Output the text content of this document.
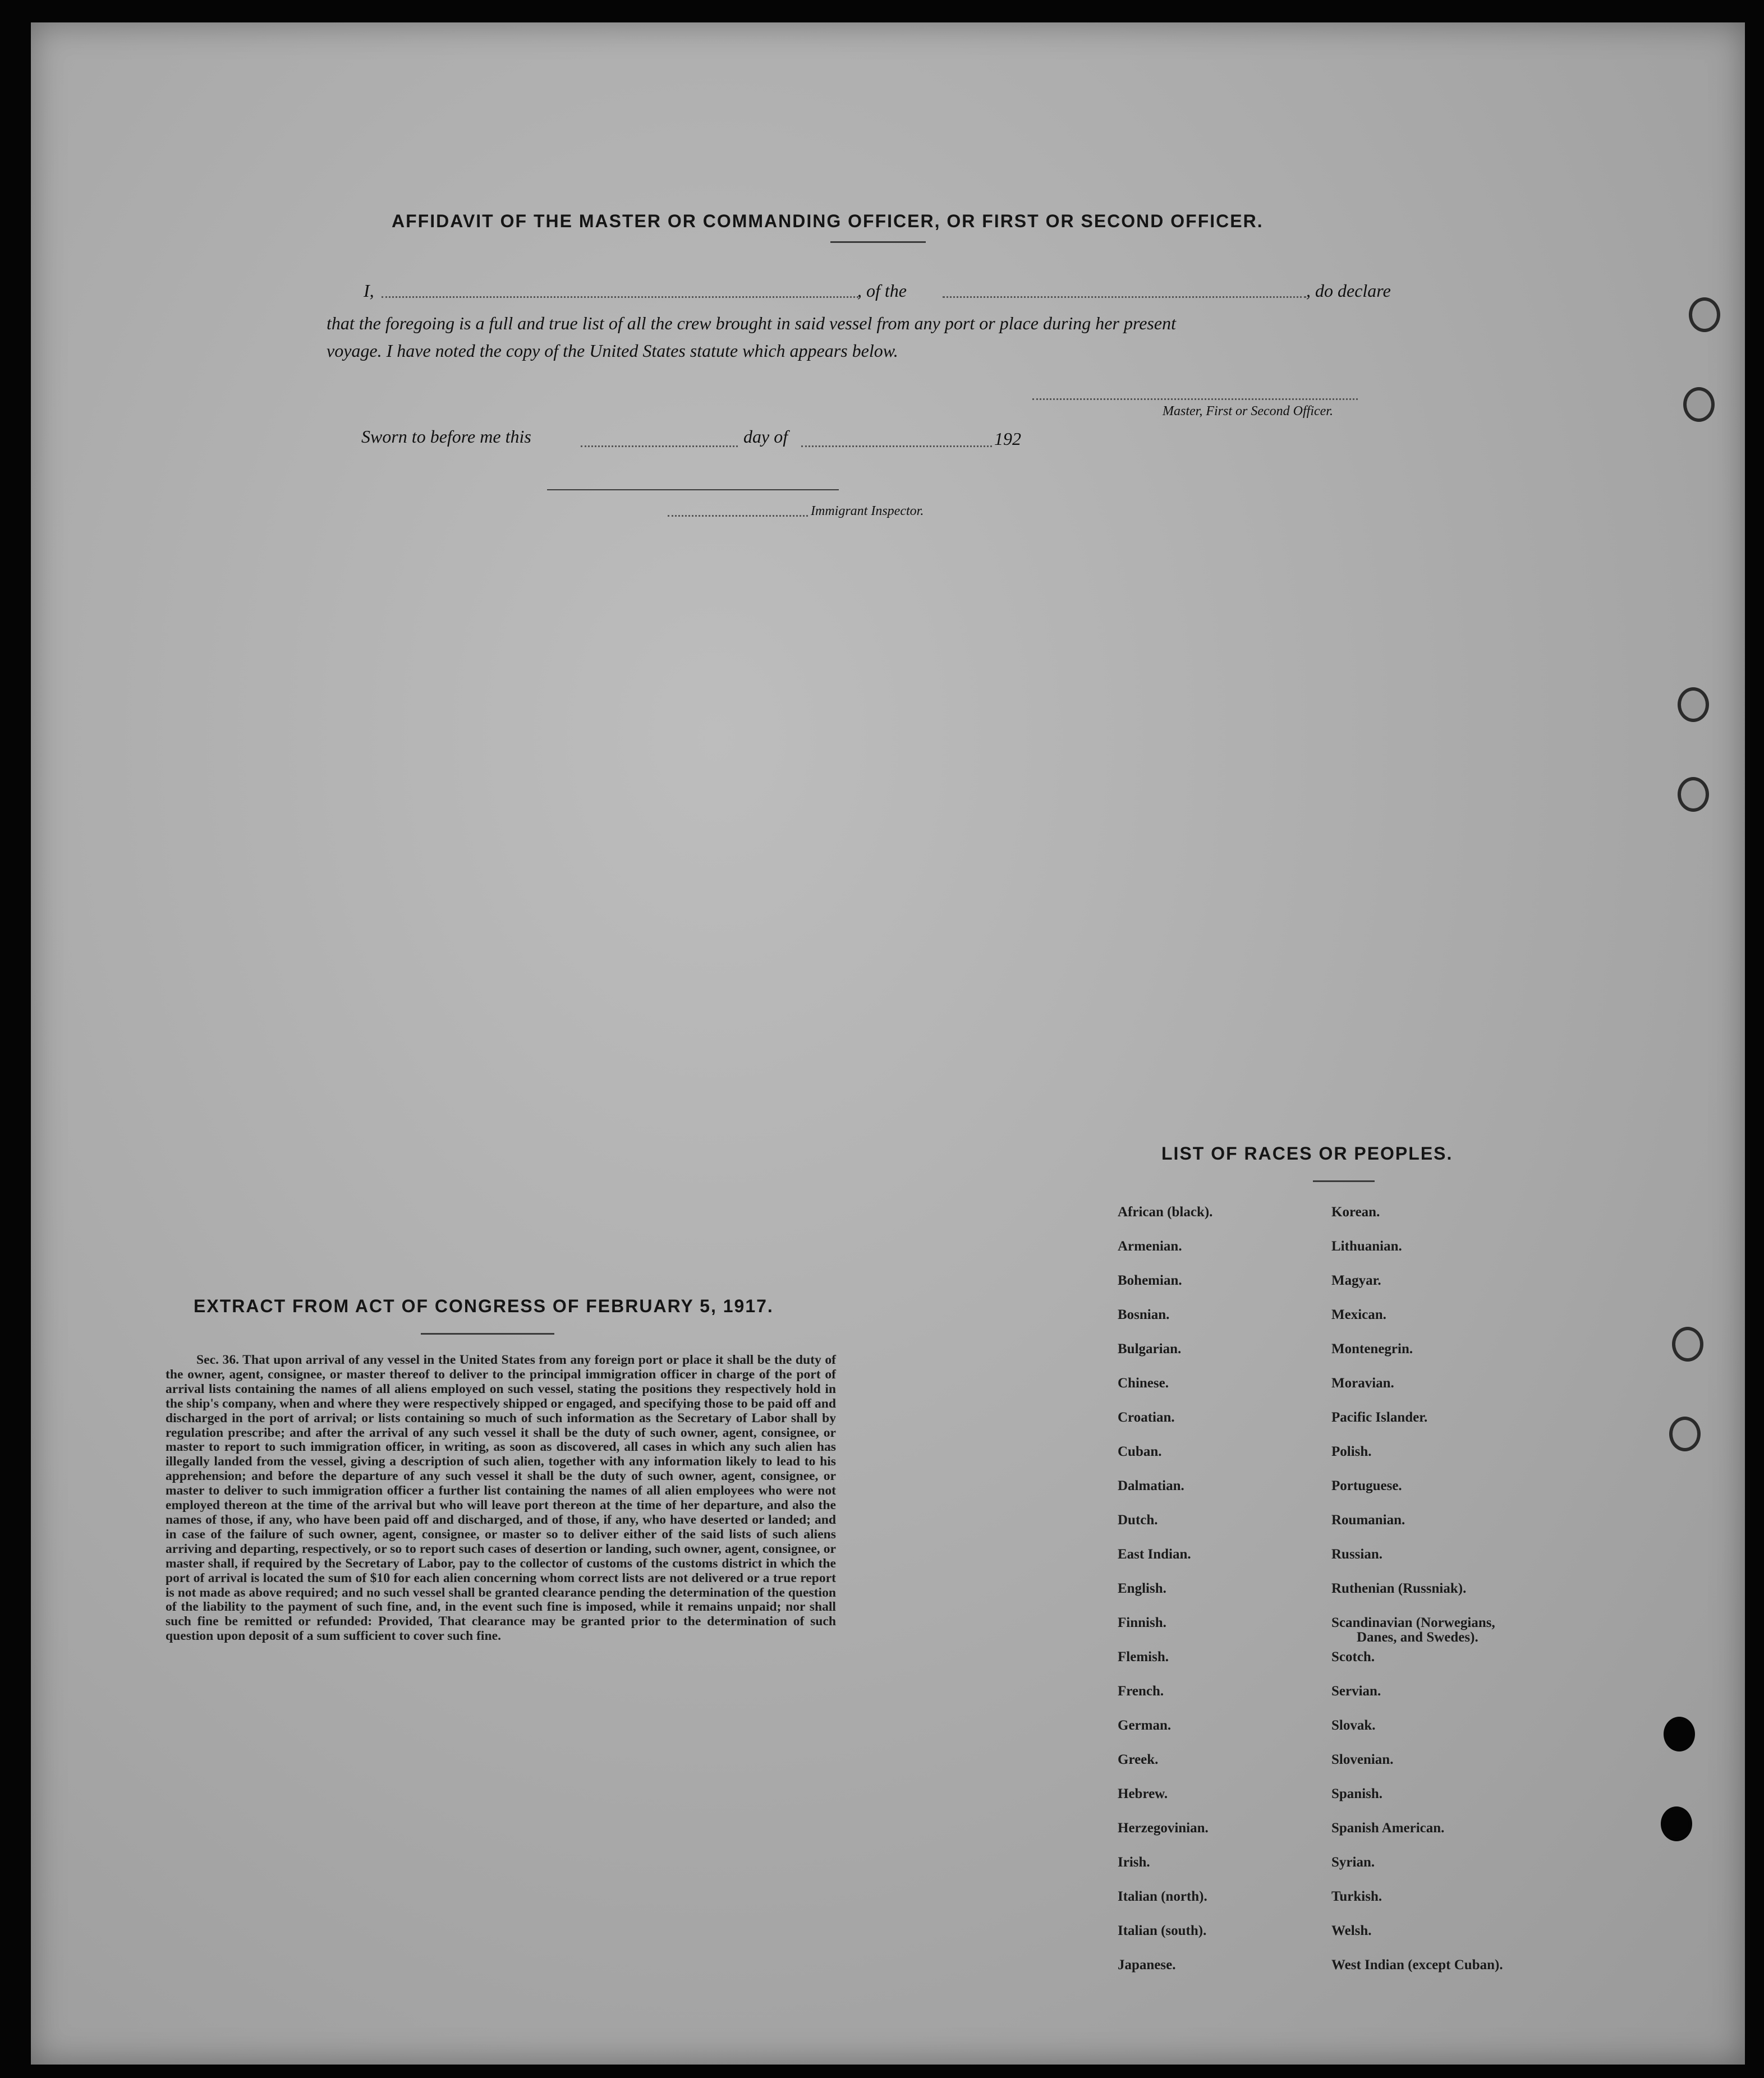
AFFIDAVIT OF THE MASTER OR COMMANDING OFFICER, OR FIRST OR SECOND OFFICER.
I,	, of the	, do declare
that the foregoing is a full and true list of all the crew brought in said vessel from any port or place during her present
voyage. I have noted the copy of the United States statute which appears below.
Master, First or Second Officer.
Sworn to before me this	day of	192
Immigrant Inspector.
EXTRACT FROM ACT OF CONGRESS OF FEBRUARY 5, 1917.
Sec. 36. That upon arrival of any vessel in the United States from any foreign port or place it shall be the duty of the owner, agent, consignee, or master thereof to deliver to the principal immigration officer in charge of the port of arrival lists containing the names of all aliens employed on such vessel, stating the positions they respectively hold in the ship's company, when and where they were respectively shipped or engaged, and specifying those to be paid off and discharged in the port of arrival; or lists containing so much of such information as the Secretary of Labor shall by regulation prescribe; and after the arrival of any such vessel it shall be the duty of such owner, agent, consignee, or master to report to such immigration officer, in writing, as soon as discovered, all cases in which any such alien has illegally landed from the vessel, giving a description of such alien, together with any information likely to lead to his apprehension; and before the departure of any such vessel it shall be the duty of such owner, agent, consignee, or master to deliver to such immigration officer a further list containing the names of all alien employees who were not employed thereon at the time of the arrival but who will leave port thereon at the time of her departure, and also the names of those, if any, who have been paid off and discharged, and of those, if any, who have deserted or landed; and in case of the failure of such owner, agent, consignee, or master so to deliver either of the said lists of such aliens arriving and departing, respectively, or so to report such cases of desertion or landing, such owner, agent, consignee, or master shall, if required by the Secretary of Labor, pay to the collector of customs of the customs district in which the port of arrival is located the sum of $10 for each alien concerning whom correct lists are not delivered or a true report is not made as above required; and no such vessel shall be granted clearance pending the determination of the question of the liability to the payment of such fine, and, in the event such fine is imposed, while it remains unpaid; nor shall such fine be remitted or refunded: Provided, That clearance may be granted prior to the determination of such question upon deposit of a sum sufficient to cover such fine.
LIST OF RACES OR PEOPLES.
African (black).
Armenian.
Bohemian.
Bosnian.
Bulgarian.
Chinese.
Croatian.
Cuban.
Dalmatian.
Dutch.
East Indian.
English.
Finnish.
Flemish.
French.
German.
Greek.
Hebrew.
Herzegovinian.
Irish.
Italian (north).
Italian (south).
Japanese.
Korean.
Lithuanian.
Magyar.
Mexican.
Montenegrin.
Moravian.
Pacific Islander.
Polish.
Portuguese.
Roumanian.
Russian.
Ruthenian (Russniak).
Scandinavian (Norwegians,
Scotch.
Servian.
Slovak.
Slovenian.
Spanish.
Spanish American.
Syrian.
Turkish.
Welsh.
West Indian (except Cuban).
Danes, and Swedes).
